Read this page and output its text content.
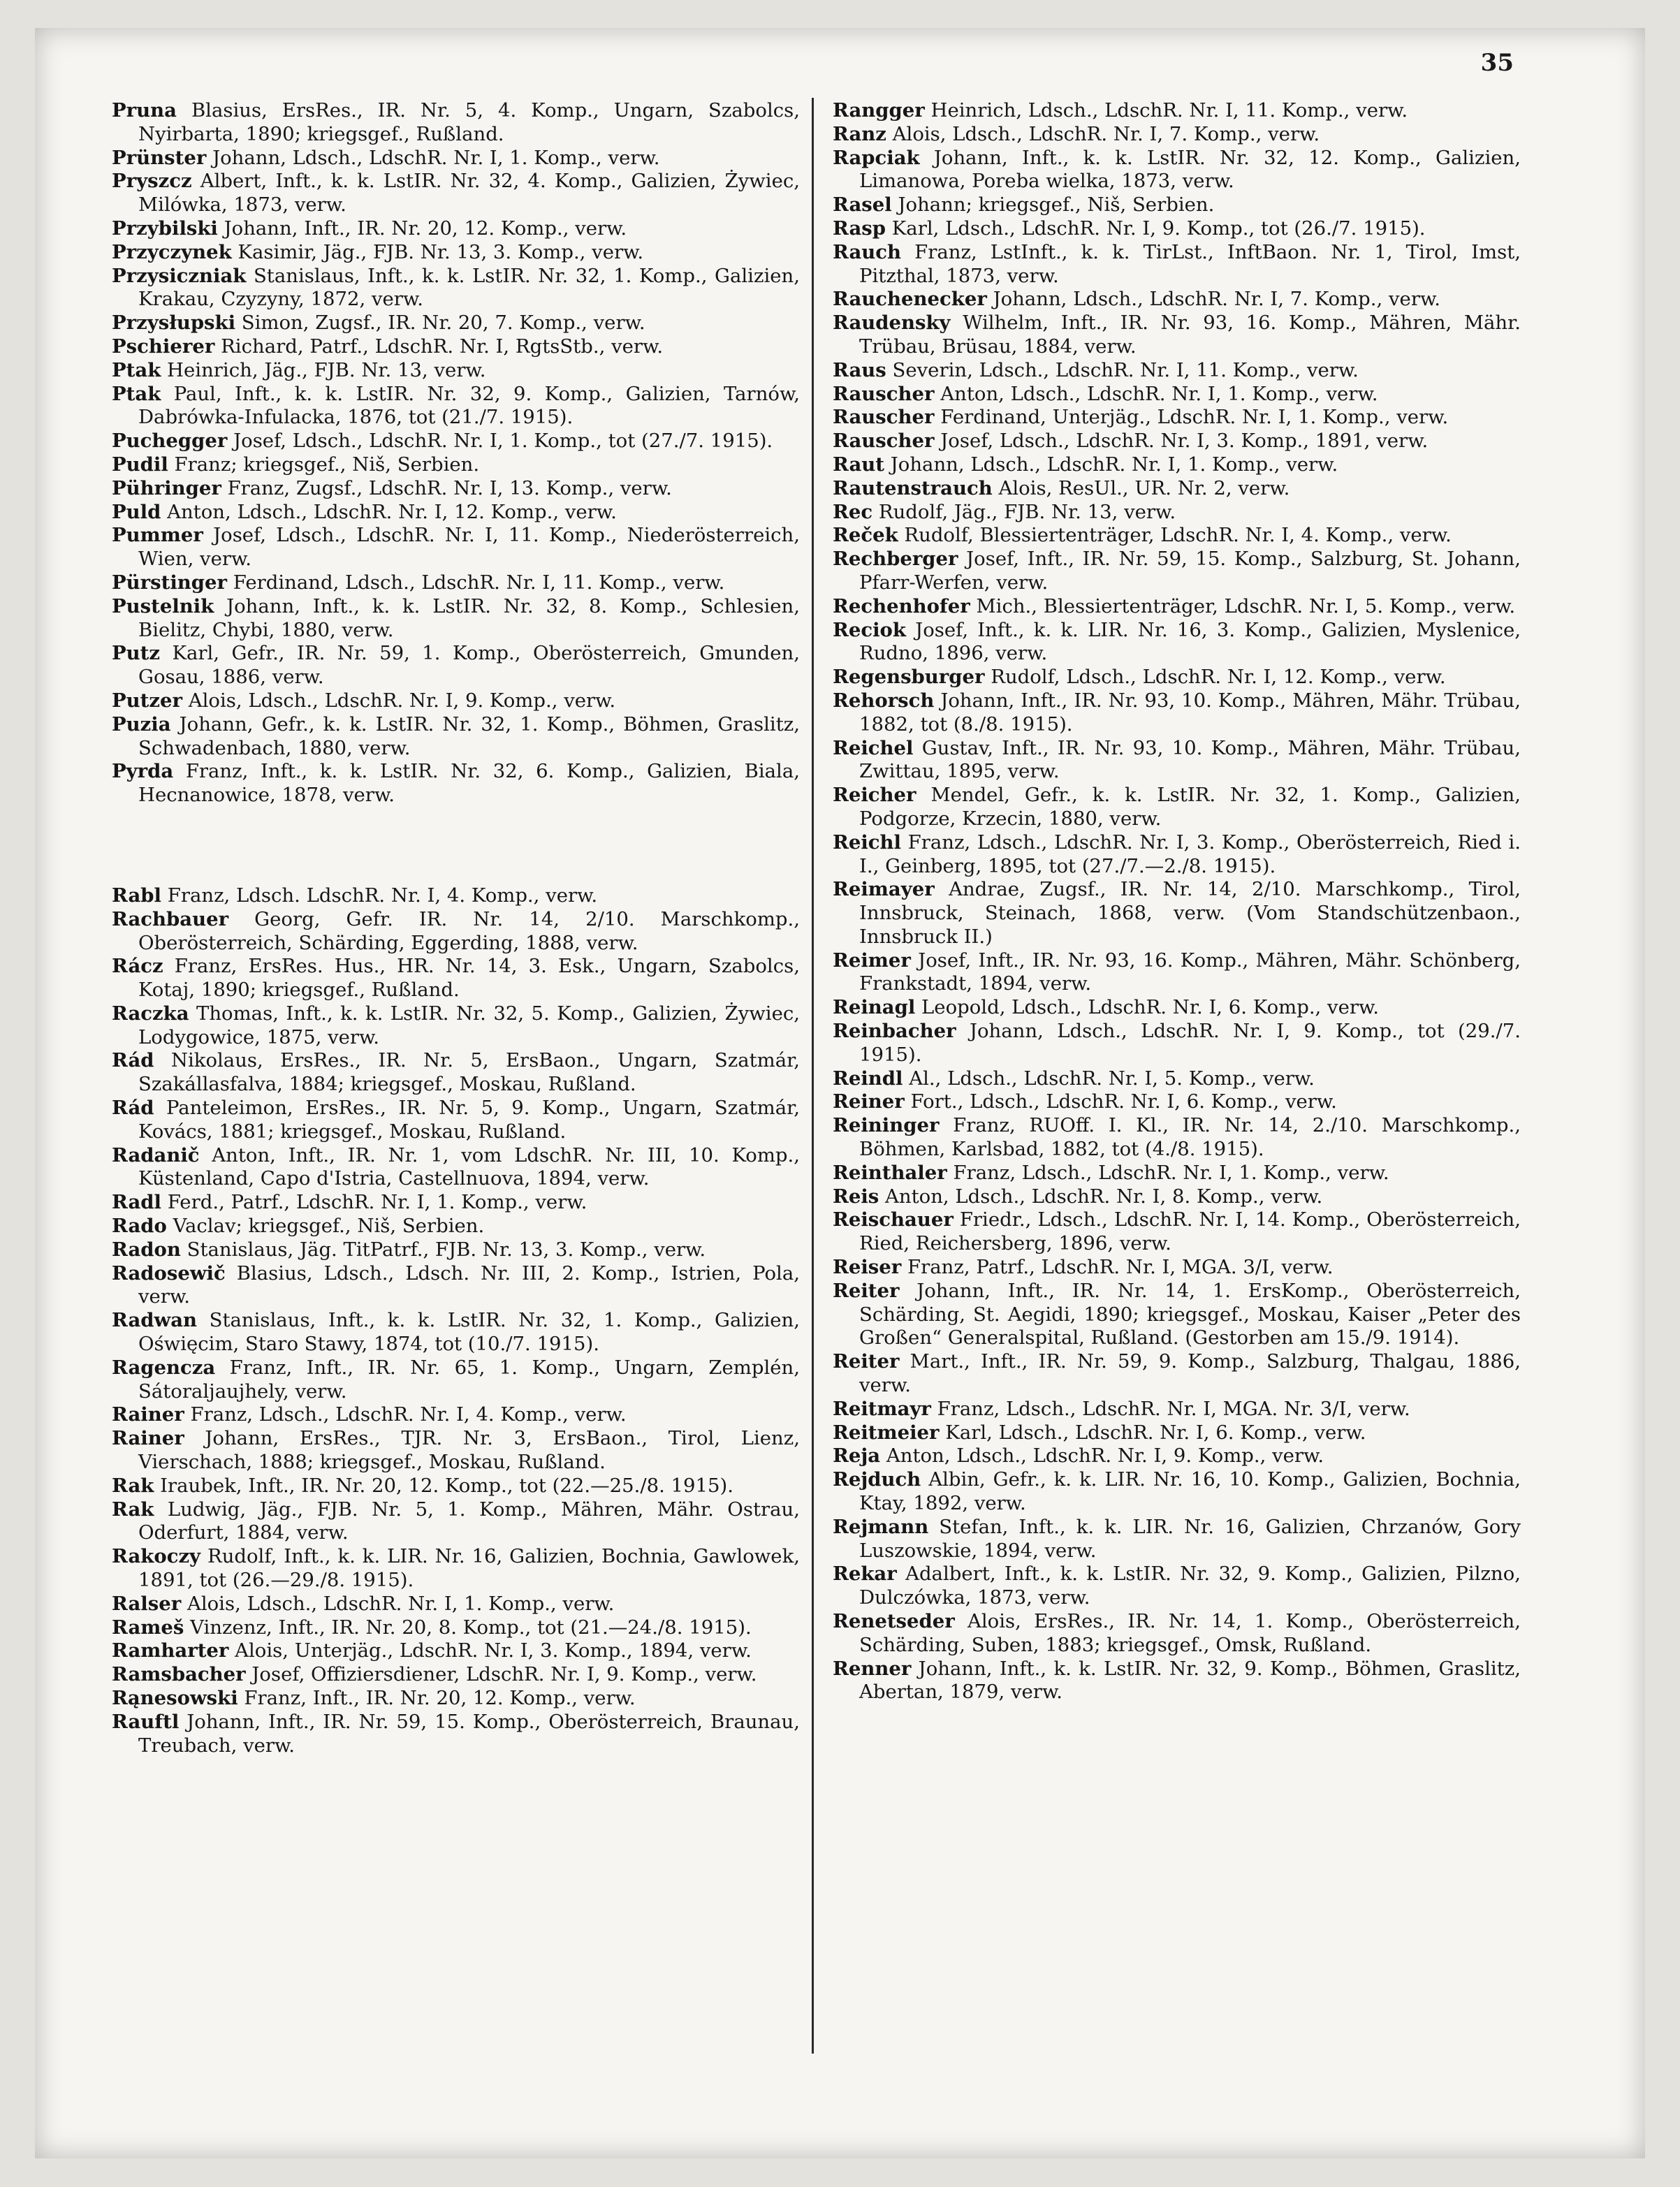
35

Pruna Blasius, ErsRes., IR. Nr. 5, 4. Komp., Ungarn, Szabolcs, Nyirbarta, 1890; kriegsgef., Rußland.

Prünster Johann, Ldsch., LdschR. Nr. I, 1. Komp., verw.

Pryszcz Albert, Inft., k. k. LstIR. Nr. 32, 4. Komp., Galizien, Żywiec, Milówka, 1873, verw.

Przybilski Johann, Inft., IR. Nr. 20, 12. Komp., verw.

Przyczynek Kasimir, Jäg., FJB. Nr. 13, 3. Komp., verw.

Przysiczniak Stanislaus, Inft., k. k. LstIR. Nr. 32, 1. Komp., Galizien, Krakau, Czyzyny, 1872, verw.

Przysłupski Simon, Zugsf., IR. Nr. 20, 7. Komp., verw.

Pschierer Richard, Patrf., LdschR. Nr. I, RgtsStb., verw.

Ptak Heinrich, Jäg., FJB. Nr. 13, verw.

Ptak Paul, Inft., k. k. LstIR. Nr. 32, 9. Komp., Galizien, Tarnów, Dabrówka-Infulacka, 1876, tot (21./7. 1915).

Puchegger Josef, Ldsch., LdschR. Nr. I, 1. Komp., tot (27./7. 1915).

Pudil Franz; kriegsgef., Niš, Serbien.

Pühringer Franz, Zugsf., LdschR. Nr. I, 13. Komp., verw.

Puld Anton, Ldsch., LdschR. Nr. I, 12. Komp., verw.

Pummer Josef, Ldsch., LdschR. Nr. I, 11. Komp., Niederösterreich, Wien, verw.

Pürstinger Ferdinand, Ldsch., LdschR. Nr. I, 11. Komp., verw.

Pustelnik Johann, Inft., k. k. LstIR. Nr. 32, 8. Komp., Schlesien, Bielitz, Chybi, 1880, verw.

Putz Karl, Gefr., IR. Nr. 59, 1. Komp., Oberösterreich, Gmunden, Gosau, 1886, verw.

Putzer Alois, Ldsch., LdschR. Nr. I, 9. Komp., verw.

Puzia Johann, Gefr., k. k. LstIR. Nr. 32, 1. Komp., Böhmen, Graslitz, Schwadenbach, 1880, verw.

Pyrda Franz, Inft., k. k. LstIR. Nr. 32, 6. Komp., Galizien, Biala, Hecnanowice, 1878, verw.

Rabl Franz, Ldsch. LdschR. Nr. I, 4. Komp., verw.

Rachbauer Georg, Gefr. IR. Nr. 14, 2/10. Marschkomp., Oberösterreich, Schärding, Eggerding, 1888, verw.

Rácz Franz, ErsRes. Hus., HR. Nr. 14, 3. Esk., Ungarn, Szabolcs, Kotaj, 1890; kriegsgef., Rußland.

Raczka Thomas, Inft., k. k. LstIR. Nr. 32, 5. Komp., Galizien, Żywiec, Lodygowice, 1875, verw.

Rád Nikolaus, ErsRes., IR. Nr. 5, ErsBaon., Ungarn, Szatmár, Szakállasfalva, 1884; kriegsgef., Moskau, Rußland.

Rád Panteleimon, ErsRes., IR. Nr. 5, 9. Komp., Ungarn, Szatmár, Kovács, 1881; kriegsgef., Moskau, Rußland.

Radanič Anton, Inft., IR. Nr. 1, vom LdschR. Nr. III, 10. Komp., Küstenland, Capo d'Istria, Castellnuova, 1894, verw.

Radl Ferd., Patrf., LdschR. Nr. I, 1. Komp., verw.

Rado Vaclav; kriegsgef., Niš, Serbien.

Radon Stanislaus, Jäg. TitPatrf., FJB. Nr. 13, 3. Komp., verw.

Radosewič Blasius, Ldsch., Ldsch. Nr. III, 2. Komp., Istrien, Pola, verw.

Radwan Stanislaus, Inft., k. k. LstIR. Nr. 32, 1. Komp., Galizien, Oświęcim, Staro Stawy, 1874, tot (10./7. 1915).

Ragencza Franz, Inft., IR. Nr. 65, 1. Komp., Ungarn, Zemplén, Sátoraljaujhely, verw.

Rainer Franz, Ldsch., LdschR. Nr. I, 4. Komp., verw.

Rainer Johann, ErsRes., TJR. Nr. 3, ErsBaon., Tirol, Lienz, Vierschach, 1888; kriegsgef., Moskau, Rußland.

Rak Iraubek, Inft., IR. Nr. 20, 12. Komp., tot (22.—25./8. 1915).

Rak Ludwig, Jäg., FJB. Nr. 5, 1. Komp., Mähren, Mähr. Ostrau, Oderfurt, 1884, verw.

Rakoczy Rudolf, Inft., k. k. LIR. Nr. 16, Galizien, Bochnia, Gawlowek, 1891, tot (26.—29./8. 1915).

Ralser Alois, Ldsch., LdschR. Nr. I, 1. Komp., verw.

Rameš Vinzenz, Inft., IR. Nr. 20, 8. Komp., tot (21.—24./8. 1915).

Ramharter Alois, Unterjäg., LdschR. Nr. I, 3. Komp., 1894, verw.

Ramsbacher Josef, Offiziersdiener, LdschR. Nr. I, 9. Komp., verw.

Rąnesowski Franz, Inft., IR. Nr. 20, 12. Komp., verw.

Rauftl Johann, Inft., IR. Nr. 59, 15. Komp., Oberösterreich, Braunau, Treubach, verw.

Rangger Heinrich, Ldsch., LdschR. Nr. I, 11. Komp., verw.

Ranz Alois, Ldsch., LdschR. Nr. I, 7. Komp., verw.

Rapciak Johann, Inft., k. k. LstIR. Nr. 32, 12. Komp., Galizien, Limanowa, Poreba wielka, 1873, verw.

Rasel Johann; kriegsgef., Niš, Serbien.

Rasp Karl, Ldsch., LdschR. Nr. I, 9. Komp., tot (26./7. 1915).

Rauch Franz, LstInft., k. k. TirLst., InftBaon. Nr. 1, Tirol, Imst, Pitzthal, 1873, verw.

Rauchenecker Johann, Ldsch., LdschR. Nr. I, 7. Komp., verw.

Raudensky Wilhelm, Inft., IR. Nr. 93, 16. Komp., Mähren, Mähr. Trübau, Brüsau, 1884, verw.

Raus Severin, Ldsch., LdschR. Nr. I, 11. Komp., verw.

Rauscher Anton, Ldsch., LdschR. Nr. I, 1. Komp., verw.

Rauscher Ferdinand, Unterjäg., LdschR. Nr. I, 1. Komp., verw.

Rauscher Josef, Ldsch., LdschR. Nr. I, 3. Komp., 1891, verw.

Raut Johann, Ldsch., LdschR. Nr. I, 1. Komp., verw.

Rautenstrauch Alois, ResUl., UR. Nr. 2, verw.

Rec Rudolf, Jäg., FJB. Nr. 13, verw.

Reček Rudolf, Blessiertenträger, LdschR. Nr. I, 4. Komp., verw.

Rechberger Josef, Inft., IR. Nr. 59, 15. Komp., Salzburg, St. Johann, Pfarr-Werfen, verw.

Rechenhofer Mich., Blessiertenträger, LdschR. Nr. I, 5. Komp., verw.

Reciok Josef, Inft., k. k. LIR. Nr. 16, 3. Komp., Galizien, Myslenice, Rudno, 1896, verw.

Regensburger Rudolf, Ldsch., LdschR. Nr. I, 12. Komp., verw.

Rehorsch Johann, Inft., IR. Nr. 93, 10. Komp., Mähren, Mähr. Trübau, 1882, tot (8./8. 1915).

Reichel Gustav, Inft., IR. Nr. 93, 10. Komp., Mähren, Mähr. Trübau, Zwittau, 1895, verw.

Reicher Mendel, Gefr., k. k. LstIR. Nr. 32, 1. Komp., Galizien, Podgorze, Krzecin, 1880, verw.

Reichl Franz, Ldsch., LdschR. Nr. I, 3. Komp., Oberösterreich, Ried i. I., Geinberg, 1895, tot (27./7.—2./8. 1915).

Reimayer Andrae, Zugsf., IR. Nr. 14, 2/10. Marschkomp., Tirol, Innsbruck, Steinach, 1868, verw. (Vom Standschützenbaon., Innsbruck II.)

Reimer Josef, Inft., IR. Nr. 93, 16. Komp., Mähren, Mähr. Schönberg, Frankstadt, 1894, verw.

Reinagl Leopold, Ldsch., LdschR. Nr. I, 6. Komp., verw.

Reinbacher Johann, Ldsch., LdschR. Nr. I, 9. Komp., tot (29./7. 1915).

Reindl Al., Ldsch., LdschR. Nr. I, 5. Komp., verw.

Reiner Fort., Ldsch., LdschR. Nr. I, 6. Komp., verw.

Reininger Franz, RUOff. I. Kl., IR. Nr. 14, 2./10. Marschkomp., Böhmen, Karlsbad, 1882, tot (4./8. 1915).

Reinthaler Franz, Ldsch., LdschR. Nr. I, 1. Komp., verw.

Reis Anton, Ldsch., LdschR. Nr. I, 8. Komp., verw.

Reischauer Friedr., Ldsch., LdschR. Nr. I, 14. Komp., Oberösterreich, Ried, Reichersberg, 1896, verw.

Reiser Franz, Patrf., LdschR. Nr. I, MGA. 3/I, verw.

Reiter Johann, Inft., IR. Nr. 14, 1. ErsKomp., Oberösterreich, Schärding, St. Aegidi, 1890; kriegsgef., Moskau, Kaiser „Peter des Großen“ Generalspital, Rußland. (Gestorben am 15./9. 1914).

Reiter Mart., Inft., IR. Nr. 59, 9. Komp., Salzburg, Thalgau, 1886, verw.

Reitmayr Franz, Ldsch., LdschR. Nr. I, MGA. Nr. 3/I, verw.

Reitmeier Karl, Ldsch., LdschR. Nr. I, 6. Komp., verw.

Reja Anton, Ldsch., LdschR. Nr. I, 9. Komp., verw.

Rejduch Albin, Gefr., k. k. LIR. Nr. 16, 10. Komp., Galizien, Bochnia, Ktay, 1892, verw.

Rejmann Stefan, Inft., k. k. LIR. Nr. 16, Galizien, Chrzanów, Gory Luszowskie, 1894, verw.

Rekar Adalbert, Inft., k. k. LstIR. Nr. 32, 9. Komp., Galizien, Pilzno, Dulczówka, 1873, verw.

Renetseder Alois, ErsRes., IR. Nr. 14, 1. Komp., Oberösterreich, Schärding, Suben, 1883; kriegsgef., Omsk, Rußland.

Renner Johann, Inft., k. k. LstIR. Nr. 32, 9. Komp., Böhmen, Graslitz, Abertan, 1879, verw.
